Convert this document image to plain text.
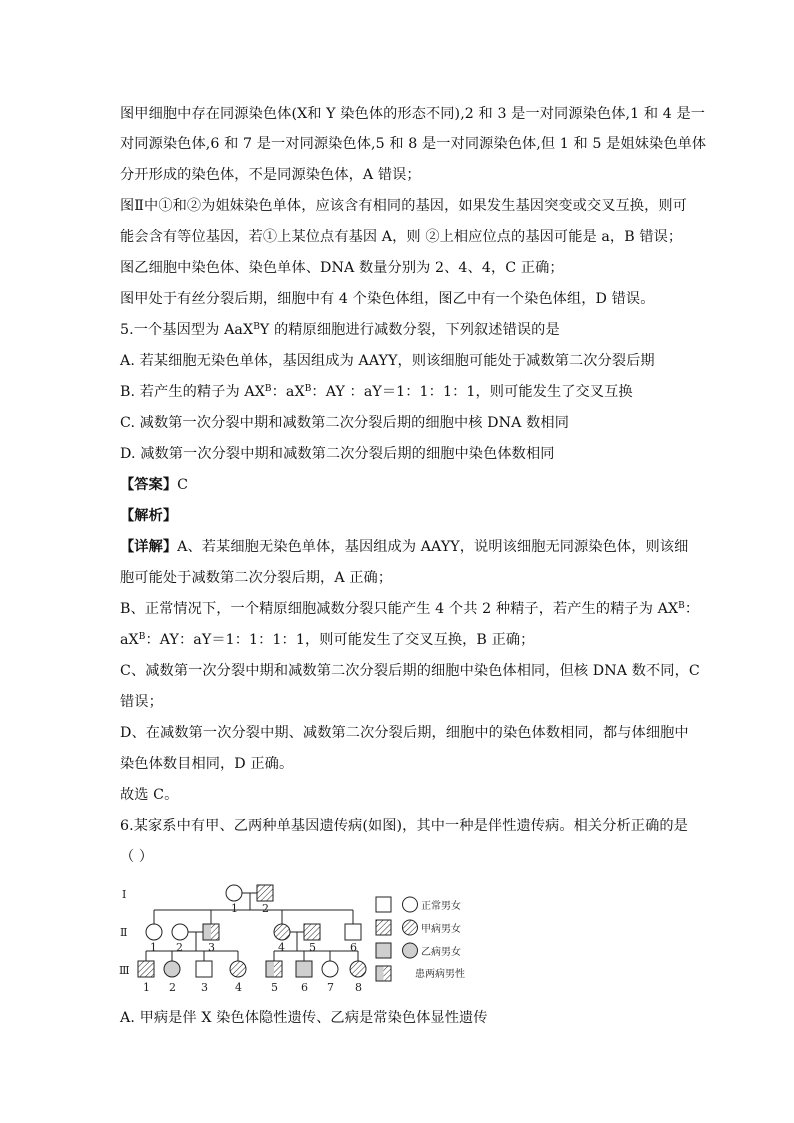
图甲细胞中存在同源染色体(X和 Y 染色体的形态不同),2 和 3 是一对同源染色体,1 和 4 是一
对同源染色体,6 和 7 是一对同源染色体,5 和 8 是一对同源染色体,但 1 和 5 是姐妹染色单体
分开形成的染色体，不是同源染色体，A 错误；
图Ⅱ中①和②为姐妹染色单体，应该含有相同的基因，如果发生基因突变或交叉互换，则可
能会含有等位基因，若①上某位点有基因 A，则 ②上相应位点的基因可能是 a，B 错误；
图乙细胞中染色体、染色单体、DNA 数量分别为 2、4、4，C 正确；
图甲处于有丝分裂后期，细胞中有 4 个染色体组，图乙中有一个染色体组，D 错误。
5.一个基因型为 AaX$^B$Y 的精原细胞进行减数分裂，下列叙述错误的是
A. 若某细胞无染色单体，基因组成为 AAYY，则该细胞可能处于减数第二次分裂后期
B. 若产生的精子为 $AX^B$：$aX^B$：AY ：aY＝1：1：1：1，则可能发生了交叉互换
C. 减数第一次分裂中期和减数第二次分裂后期的细胞中核 DNA 数相同
D. 减数第一次分裂中期和减数第二次分裂后期的细胞中染色体数相同
【答案】C
【解析】
【详解】A、若某细胞无染色单体，基因组成为 AAYY，说明该细胞无同源染色体，则该细
胞可能处于减数第二次分裂后期，A 正确；
B、正常情况下，一个精原细胞减数分裂只能产生 4 个共 2 种精子，若产生的精子为 $AX^B$：
$aX^B$：AY：aY＝1：1：1：1，则可能发生了交叉互换，B 正确；
C、减数第一次分裂中期和减数第二次分裂后期的细胞中染色体相同，但核 DNA 数不同，C
错误；
D、在减数第一次分裂中期、减数第二次分裂后期，细胞中的染色体数相同，都与体细胞中
染色体数目相同，D 正确。
故选 C。
6.某家系中有甲、乙两种单基因遗传病(如图)，其中一种是伴性遗传病。相关分析正确的是
（ ）
Ⅰ
Ⅱ
Ⅲ
1 2
1 2 3	4 5	6
1 2 3 4	5 6 7 8
正常男女
甲病男女
乙病男女
患两病男性
A. 甲病是伴 X 染色体隐性遗传、乙病是常染色体显性遗传
